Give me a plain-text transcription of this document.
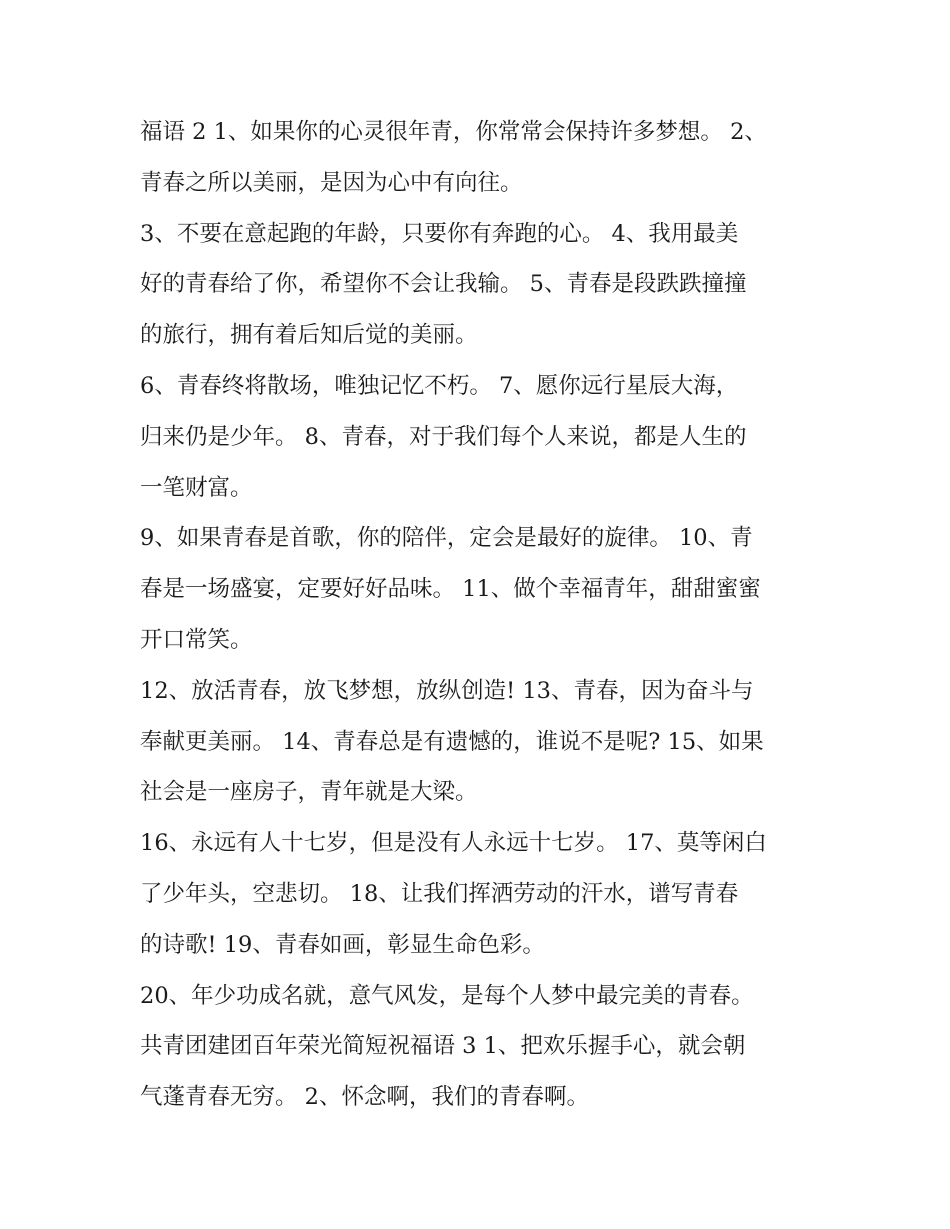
福语 2 1、如果你的心灵很年青，你常常会保持许多梦想。 2、
青春之所以美丽，是因为心中有向往。

3、不要在意起跑的年龄，只要你有奔跑的心。 4、我用最美
好的青春给了你，希望你不会让我输。 5、青春是段跌跌撞撞
的旅行，拥有着后知后觉的美丽。

6、青春终将散场，唯独记忆不朽。 7、愿你远行星辰大海，
归来仍是少年。 8、青春，对于我们每个人来说，都是人生的
一笔财富。

9、如果青春是首歌，你的陪伴，定会是最好的旋律。 10、青
春是一场盛宴，定要好好品味。 11、做个幸福青年，甜甜蜜蜜
开口常笑。

12、放活青春，放飞梦想，放纵创造! 13、青春，因为奋斗与
奉献更美丽。 14、青春总是有遗憾的，谁说不是呢? 15、如果
社会是一座房子，青年就是大梁。

16、永远有人十七岁，但是没有人永远十七岁。 17、莫等闲白
了少年头，空悲切。 18、让我们挥洒劳动的汗水，谱写青春
的诗歌! 19、青春如画，彰显生命色彩。

20、年少功成名就，意气风发，是每个人梦中最完美的青春。
共青团建团百年荣光简短祝福语 3 1、把欢乐握手心，就会朝
气蓬青春无穷。 2、怀念啊，我们的青春啊。
